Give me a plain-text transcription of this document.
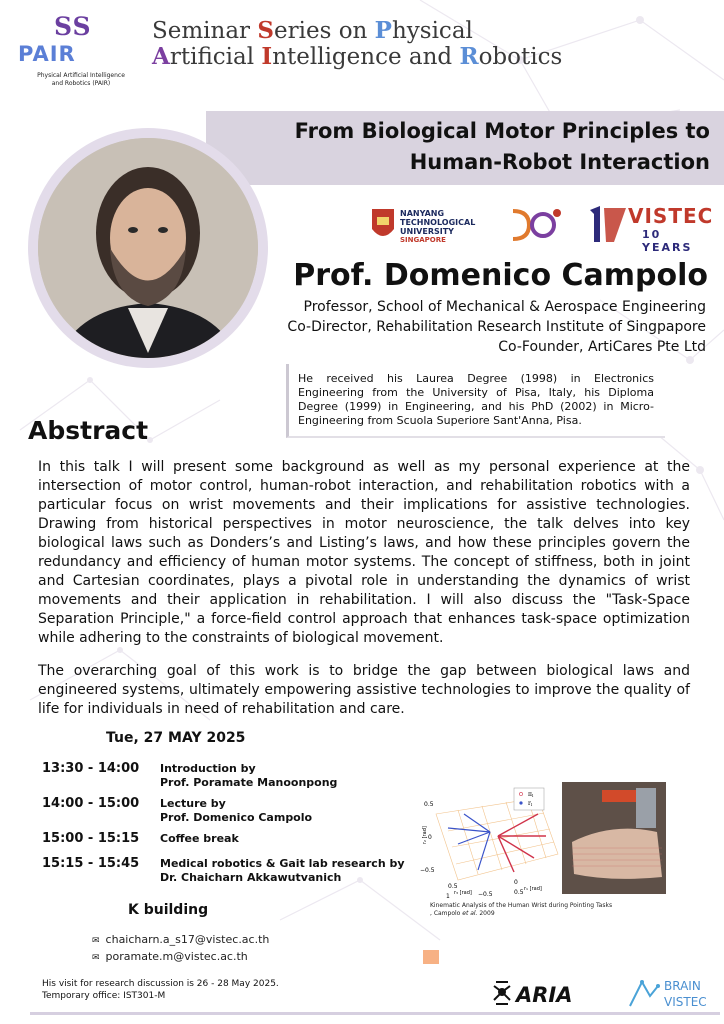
SS
PAIR
Physical Artificial Intelligence
and Robotics (PAIR)
Seminar Series on Physical
Artificial Intelligence and Robotics
From Biological Motor Principles to
Human-Robot Interaction
NANYANG
TECHNOLOGICAL
UNIVERSITY
SINGAPORE
VISTEC
10 YEARS
Prof. Domenico Campolo
Professor, School of Mechanical & Aerospace Engineering
Co-Director, Rehabilitation Research Institute of Singpapore
Co-Founder, ArtiCares Pte Ltd
He received his Laurea Degree (1998) in Electronics Engineering from the University of Pisa, Italy, his Diploma Degree (1999) in Engineering, and his PhD (2002) in Micro-Engineering from Scuola Superiore Sant'Anna, Pisa.
Abstract
In this talk I will present some background as well as my personal experience at the intersection of motor control, human-robot interaction, and rehabilitation robotics with a particular focus on wrist movements and their implications for assistive technologies. Drawing from historical perspectives in motor neuroscience, the talk delves into key biological laws such as Donders’s and Listing’s laws, and how these principles govern the redundancy and efficiency of human motor systems. The concept of stiffness, both in joint and Cartesian coordinates, plays a pivotal role in understanding the dynamics of wrist movements and their application in rehabilitation. I will also discuss the "Task-Space Separation Principle," a force-field control approach that enhances task-space optimization while adhering to the constraints of biological movement.
The overarching goal of this work is to bridge the gap between biological laws and engineered systems, ultimately empowering assistive technologies to improve the quality of life for individuals in need of rehabilitation and care.
Tue, 27 MAY 2025
13:30 - 14:00 Introduction by
Prof. Poramate Manoonpong
14:00 - 15:00 Lecture by
Prof. Domenico Campolo
15:00 - 15:15 Coffee break
15:15 - 15:45 Medical robotics & Gait lab research by
Dr. Chaicharn Akkawutvanich
K building
✉ chaicharn.a_s17@vistec.ac.th
✉ poramate.m@vistec.ac.th
πl
rl
0.5
0
−0.5
0.5
1	−0.5
0
0.5
r₂ [rad]
r₃ [rad]
r₁ [rad]
Kinematic Analysis of the Human Wrist during Pointing Tasks
, Campolo et al. 2009
His visit for research discussion is 26 - 28 May 2025.
Temporary office: IST301-M	ARIA	BRAIN
VISTEC
